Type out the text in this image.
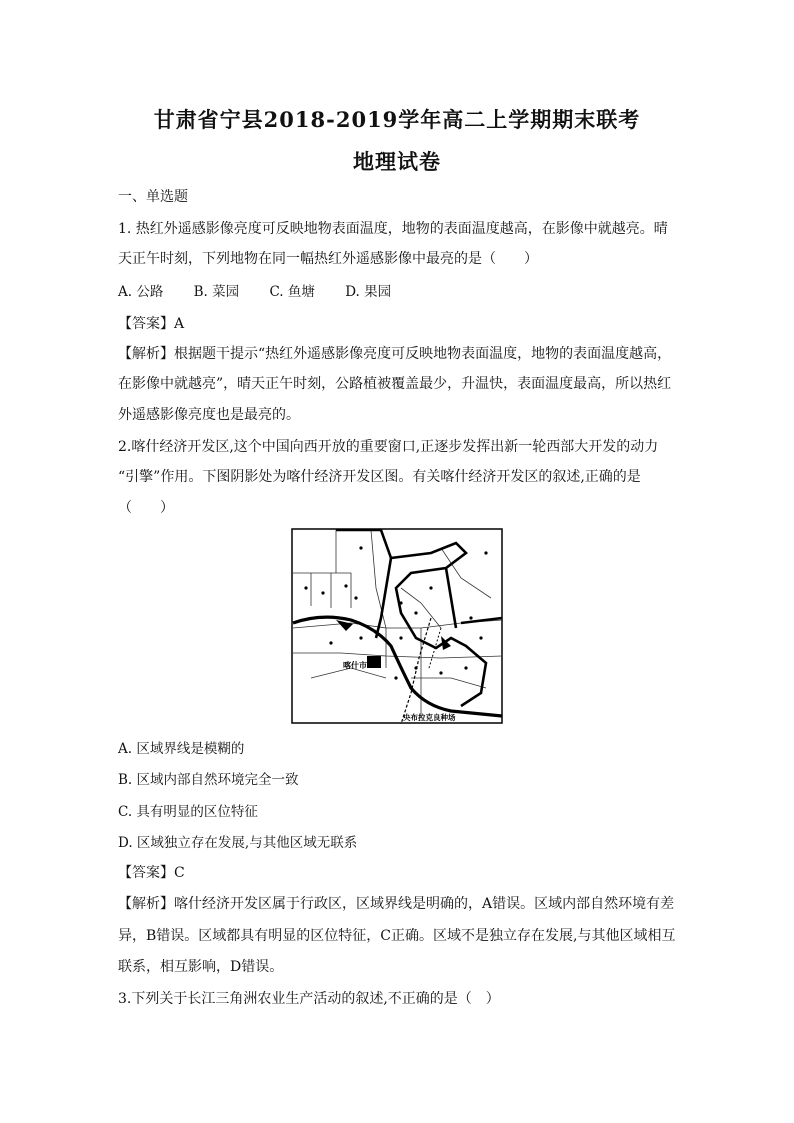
甘肃省宁县2018-2019学年高二上学期期末联考
地理试卷
一、单选题
1. 热红外遥感影像亮度可反映地物表面温度，地物的表面温度越高，在影像中就越亮。晴
天正午时刻，下列地物在同一幅热红外遥感影像中最亮的是（　　）
A. 公路 B. 菜园 C. 鱼塘 D. 果园
【答案】A
【解析】根据题干提示“热红外遥感影像亮度可反映地物表面温度，地物的表面温度越高，
在影像中就越亮”，晴天正午时刻，公路植被覆盖最少，升温快，表面温度最高，所以热红
外遥感影像亮度也是最亮的。
2.喀什经济开发区,这个中国向西开放的重要窗口,正逐步发挥出新一轮西部大开发的动力
“引擎”作用。下图阴影处为喀什经济开发区图。有关喀什经济开发区的叙述,正确的是
（　　）
喀什市
央布拉克良种场
A. 区域界线是模糊的
B. 区域内部自然环境完全一致
C. 具有明显的区位特征
D. 区域独立存在发展,与其他区域无联系
【答案】C
【解析】喀什经济开发区属于行政区，区域界线是明确的，A错误。区域内部自然环境有差
异，B错误。区域都具有明显的区位特征，C正确。区域不是独立存在发展,与其他区域相互
联系，相互影响，D错误。
3.下列关于长江三角洲农业生产活动的叙述,不正确的是（　）
